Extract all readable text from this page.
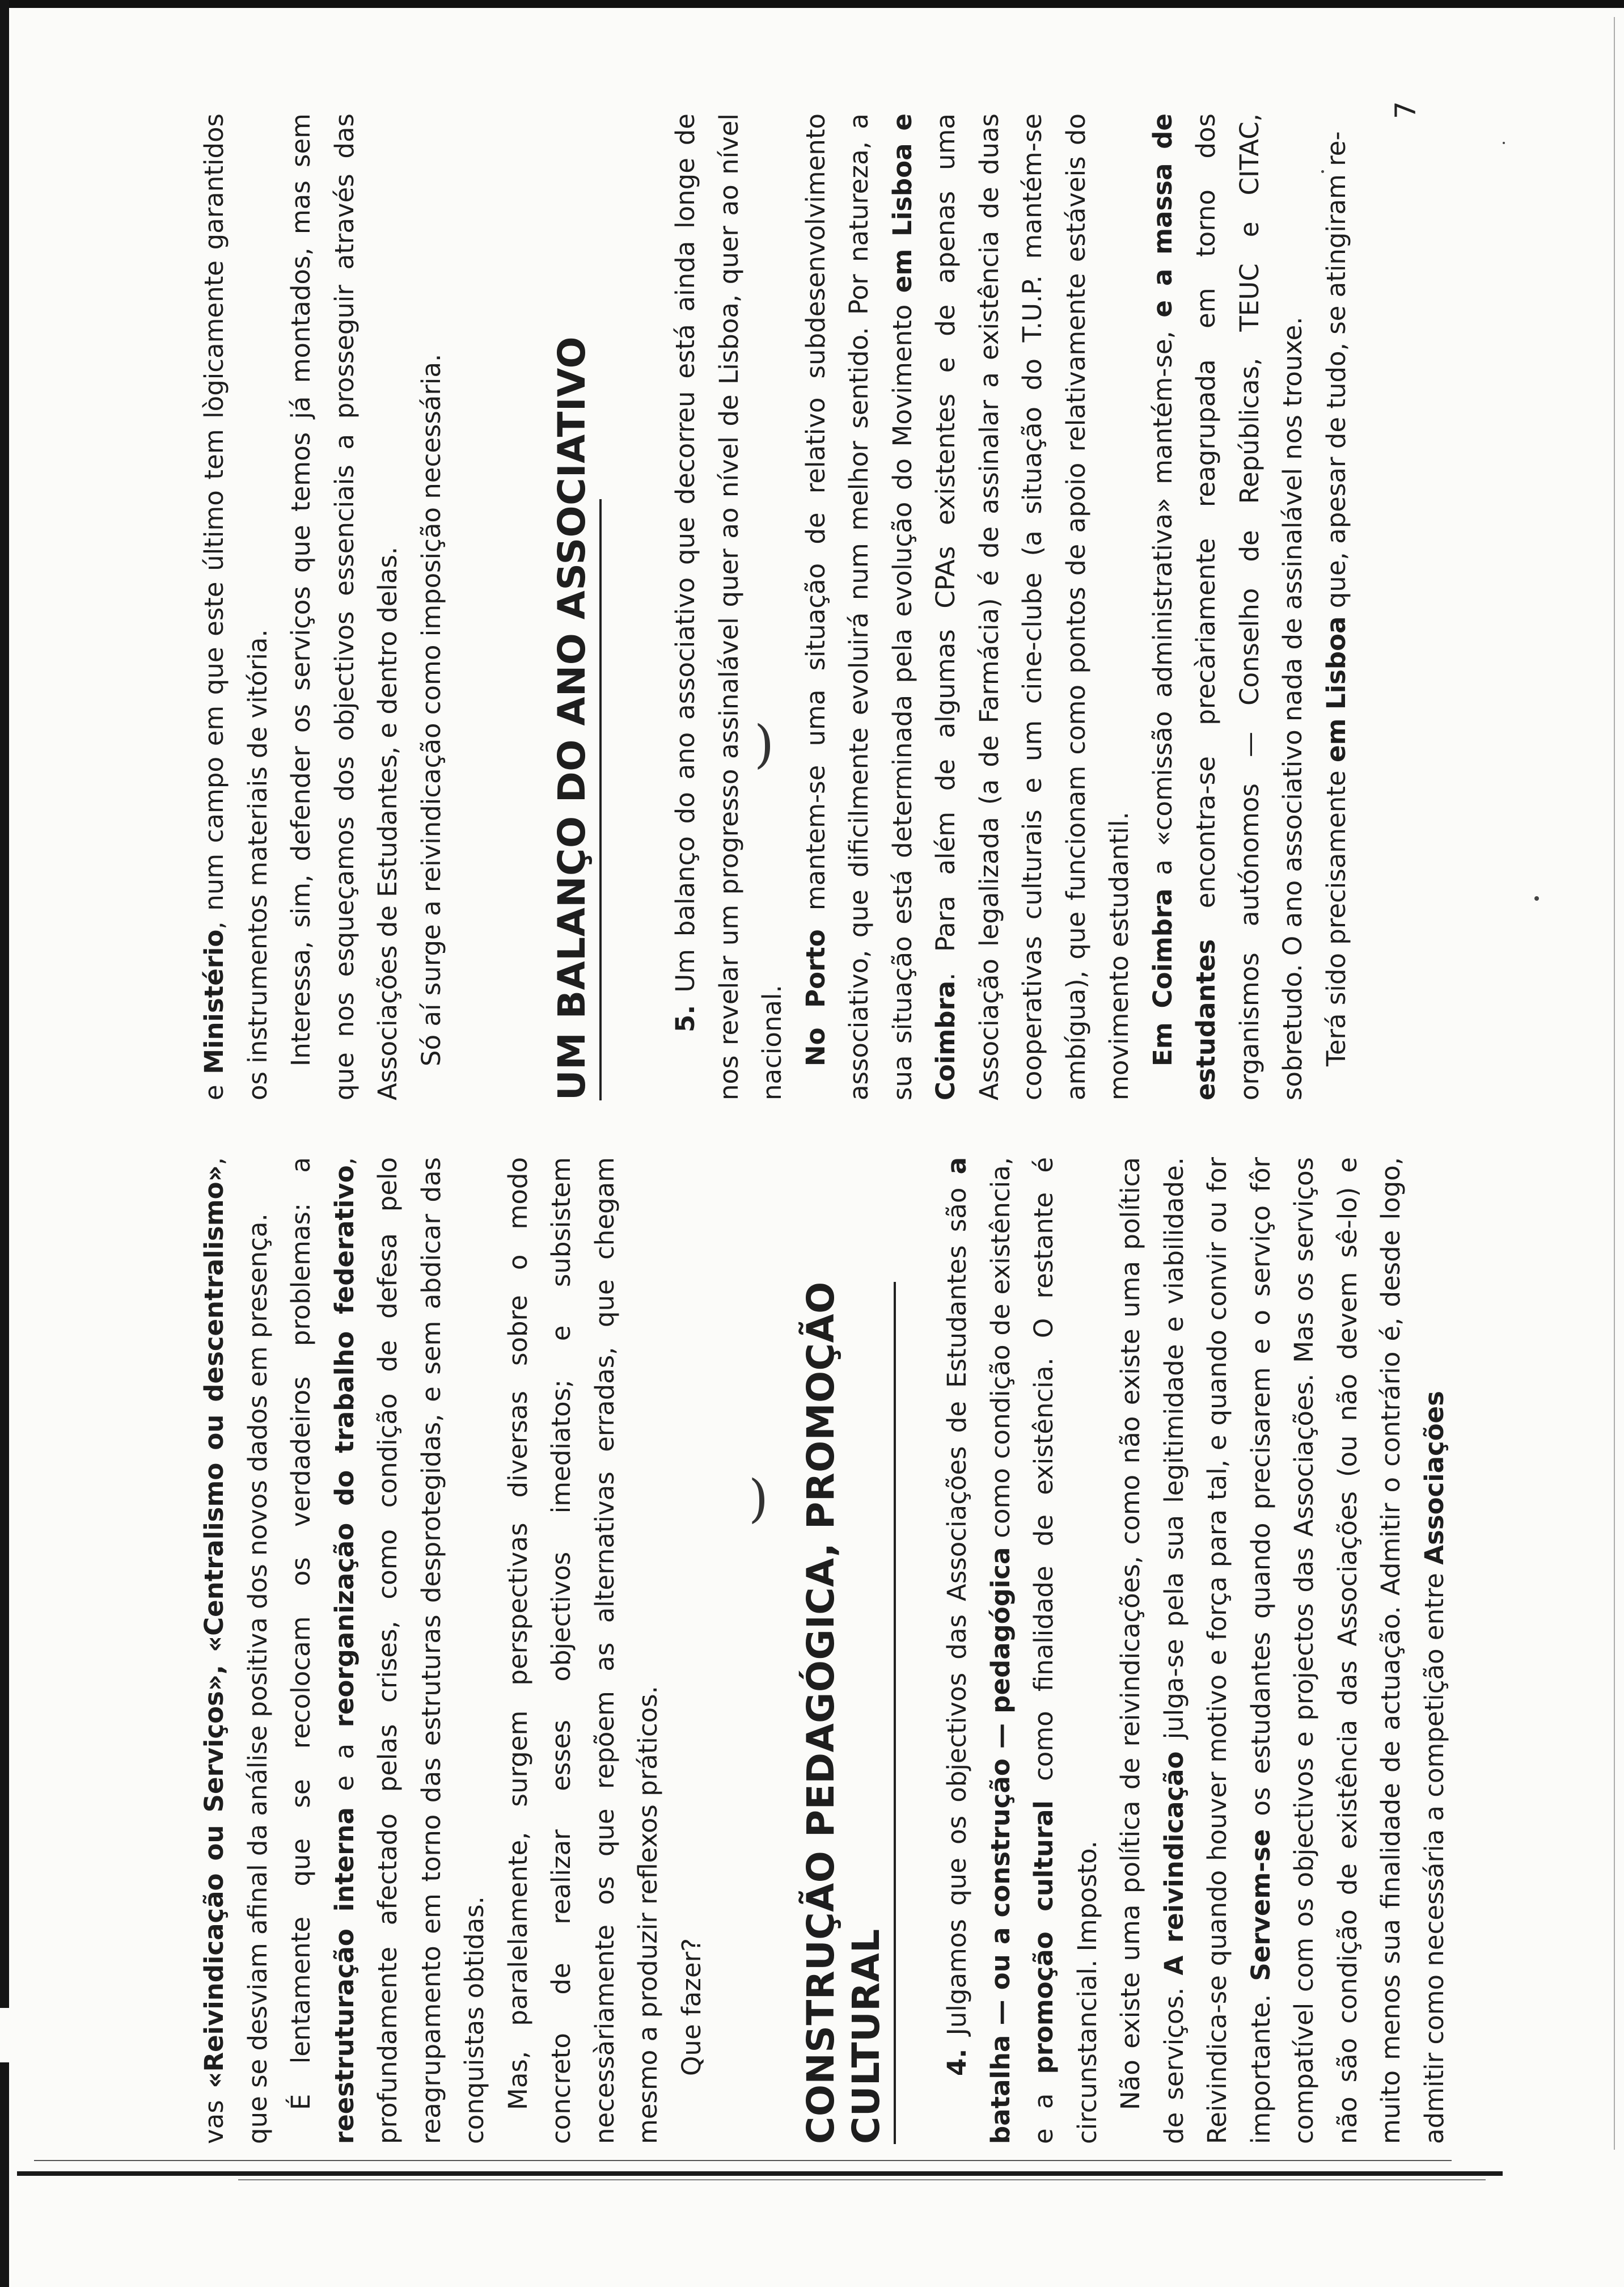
)
)

vas «Reivindicação ou Serviços», «Centralismo ou descentralismo», que se desviam afinal da análise positiva dos novos dados em presença. É lentamente que se recolocam os verdadeiros problemas: a reestruturação interna e a reorganização do trabalho federativo, profundamente afectado pelas crises, como condição de defesa pelo reagrupamento em torno das estruturas desprotegidas, e sem abdicar das conquistas obtidas. Mas, paralelamente, surgem perspectivas diversas sobre o modo concreto de realizar esses objectivos imediatos; e subsistem necessàriamente os que repõem as alternativas erradas, que chegam mesmo a produzir reflexos práticos. Que fazer? CONSTRUÇÃO PEDAGÓGICA, PROMOÇÃO CULTURAL 4. Julgamos que os objectivos das Associações de Estudantes são a batalha — ou a construção — pedagógica como condição de existência, e a promoção cultural como finalidade de existência. O restante é circunstancial. Imposto. Não existe uma política de reivindicações, como não existe uma política de serviços. A reivindicação julga-se pela sua legitimidade e viabilidade. Reivindica-se quando houver motivo e força para tal, e quando convir ou for importante. Servem-se os estudantes quando precisarem e o serviço fôr compatível com os objectivos e projectos das Associações. Mas os serviços não são condição de existência das Associações (ou não devem sê-lo) e muito menos sua finalidade de actuação. Admitir o contrário é, desde logo, admitir como necessária a competição entre Associações

e Ministério, num campo em que este último tem lògicamente garantidos os instrumentos materiais de vitória. Interessa, sim, defender os serviços que temos já montados, mas sem que nos esqueçamos dos objectivos essenciais a prosseguir através das Associações de Estudantes, e dentro delas. Só aí surge a reivindicação como imposição necessária.	UM BALANÇO DO ANO ASSOCIATIVO	5. Um balanço do ano associativo que decorreu está ainda longe de nos revelar um progresso assinalável quer ao nível de Lisboa, quer ao nível nacional. No Porto mantem-se uma situação de relativo subdesenvolvimento associativo, que dificilmente evoluirá num melhor sentido. Por natureza, a sua situação está determinada pela evolução do Movimento em Lisboa e Coimbra. Para além de algumas CPAs existentes e de apenas uma Associação legalizada (a de Farmácia) é de assinalar a existência de duas cooperativas culturais e um cine-clube (a situação do T.U.P. mantém-se ambígua), que funcionam como pontos de apoio relativamente estáveis do movimento estudantil. Em Coimbra a «comissão administrativa» mantém-se, e a massa de estudantes encontra-se precàriamente reagrupada em torno dos organismos autónomos — Conselho de Repúblicas, TEUC e CITAC, sobretudo. O ano associativo nada de assinalável nos trouxe. Terá sido precisamente em Lisboa que, apesar de tudo, se atingiram re-

7
